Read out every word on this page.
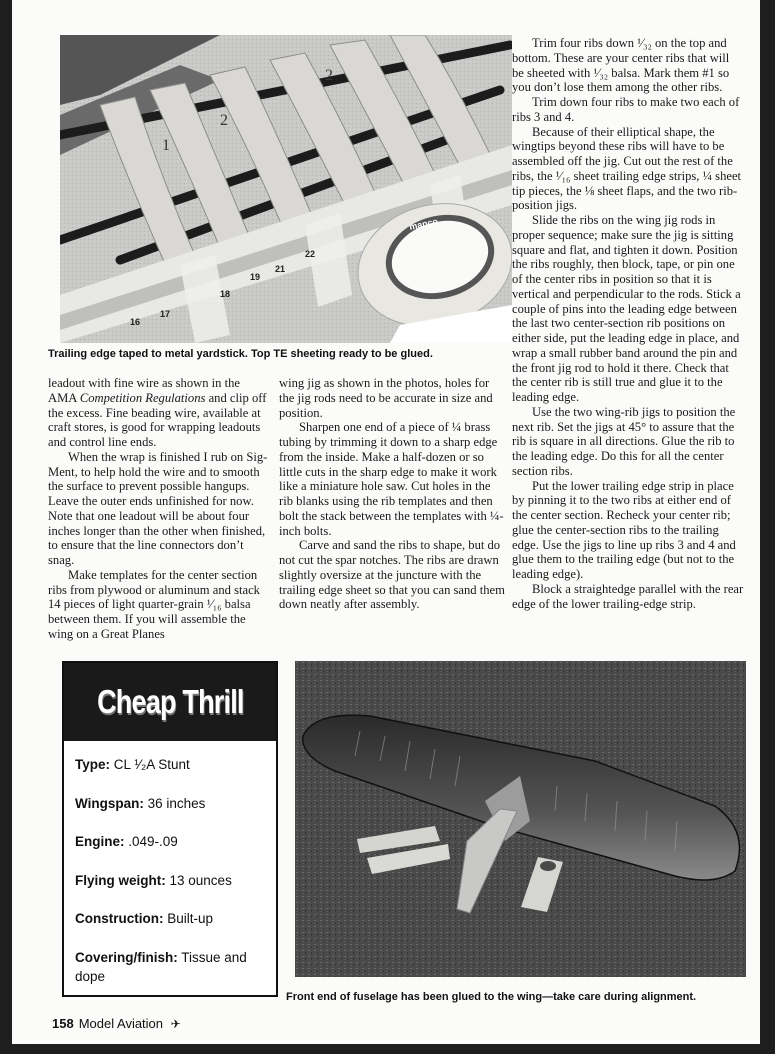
16
17
18
19
21
22
1
2
2
manco
Trailing edge taped to metal yardstick. Top TE sheeting ready to be glued.

leadout with fine wire as shown in the AMA Competition Regulations and clip off the excess. Fine beading wire, available at craft stores, is good for wrapping leadouts and control line ends.

When the wrap is finished I rub on Sig-Ment, to help hold the wire and to smooth the surface to prevent possible hangups. Leave the outer ends unfinished for now. Note that one leadout will be about four inches longer than the other when finished, to ensure that the line connectors don’t snag.

Make templates for the center section ribs from plywood or aluminum and stack 14 pieces of light quarter-grain ¹⁄₁₆ balsa between them. If you will assemble the wing on a Great Planes

wing jig as shown in the photos, holes for the jig rods need to be accurate in size and position.

Sharpen one end of a piece of ¼ brass tubing by trimming it down to a sharp edge from the inside. Make a half-dozen or so little cuts in the sharp edge to make it work like a miniature hole saw. Cut holes in the rib blanks using the rib templates and then bolt the stack between the templates with ¼-inch bolts.

Carve and sand the ribs to shape, but do not cut the spar notches. The ribs are drawn slightly oversize at the juncture with the trailing edge sheet so that you can sand them down neatly after assembly.

Trim four ribs down ¹⁄₃₂ on the top and bottom. These are your center ribs that will be sheeted with ¹⁄₃₂ balsa. Mark them #1 so you don’t lose them among the other ribs.

Trim down four ribs to make two each of ribs 3 and 4.

Because of their elliptical shape, the wingtips beyond these ribs will have to be assembled off the jig. Cut out the rest of the ribs, the ¹⁄₁₆ sheet trailing edge strips, ¼ sheet tip pieces, the ⅛ sheet flaps, and the two rib-position jigs.

Slide the ribs on the wing jig rods in proper sequence; make sure the jig is sitting square and flat, and tighten it down. Position the ribs roughly, then block, tape, or pin one of the center ribs in position so that it is vertical and perpendicular to the rods. Stick a couple of pins into the leading edge between the last two center-section rib positions on either side, put the leading edge in place, and wrap a small rubber band around the pin and the front jig rod to hold it there. Check that the center rib is still true and glue it to the leading edge.

Use the two wing-rib jigs to position the next rib. Set the jigs at 45° to assure that the rib is square in all directions. Glue the rib to the leading edge. Do this for all the center section ribs.

Put the lower trailing edge strip in place by pinning it to the two ribs at either end of the center section. Recheck your center rib; glue the center-section ribs to the trailing edge. Use the jigs to line up ribs 3 and 4 and glue them to the trailing edge (but not to the leading edge).

Block a straightedge parallel with the rear edge of the lower trailing-edge strip.

Cheap Thrill
Type: CL ¹⁄₂A Stunt
Wingspan: 36 inches
Engine: .049-.09
Flying weight: 13 ounces
Construction: Built-up
Covering/finish: Tissue and dope
Front end of fuselage has been glued to the wing—take care during alignment.
158 Model Aviation ✈
